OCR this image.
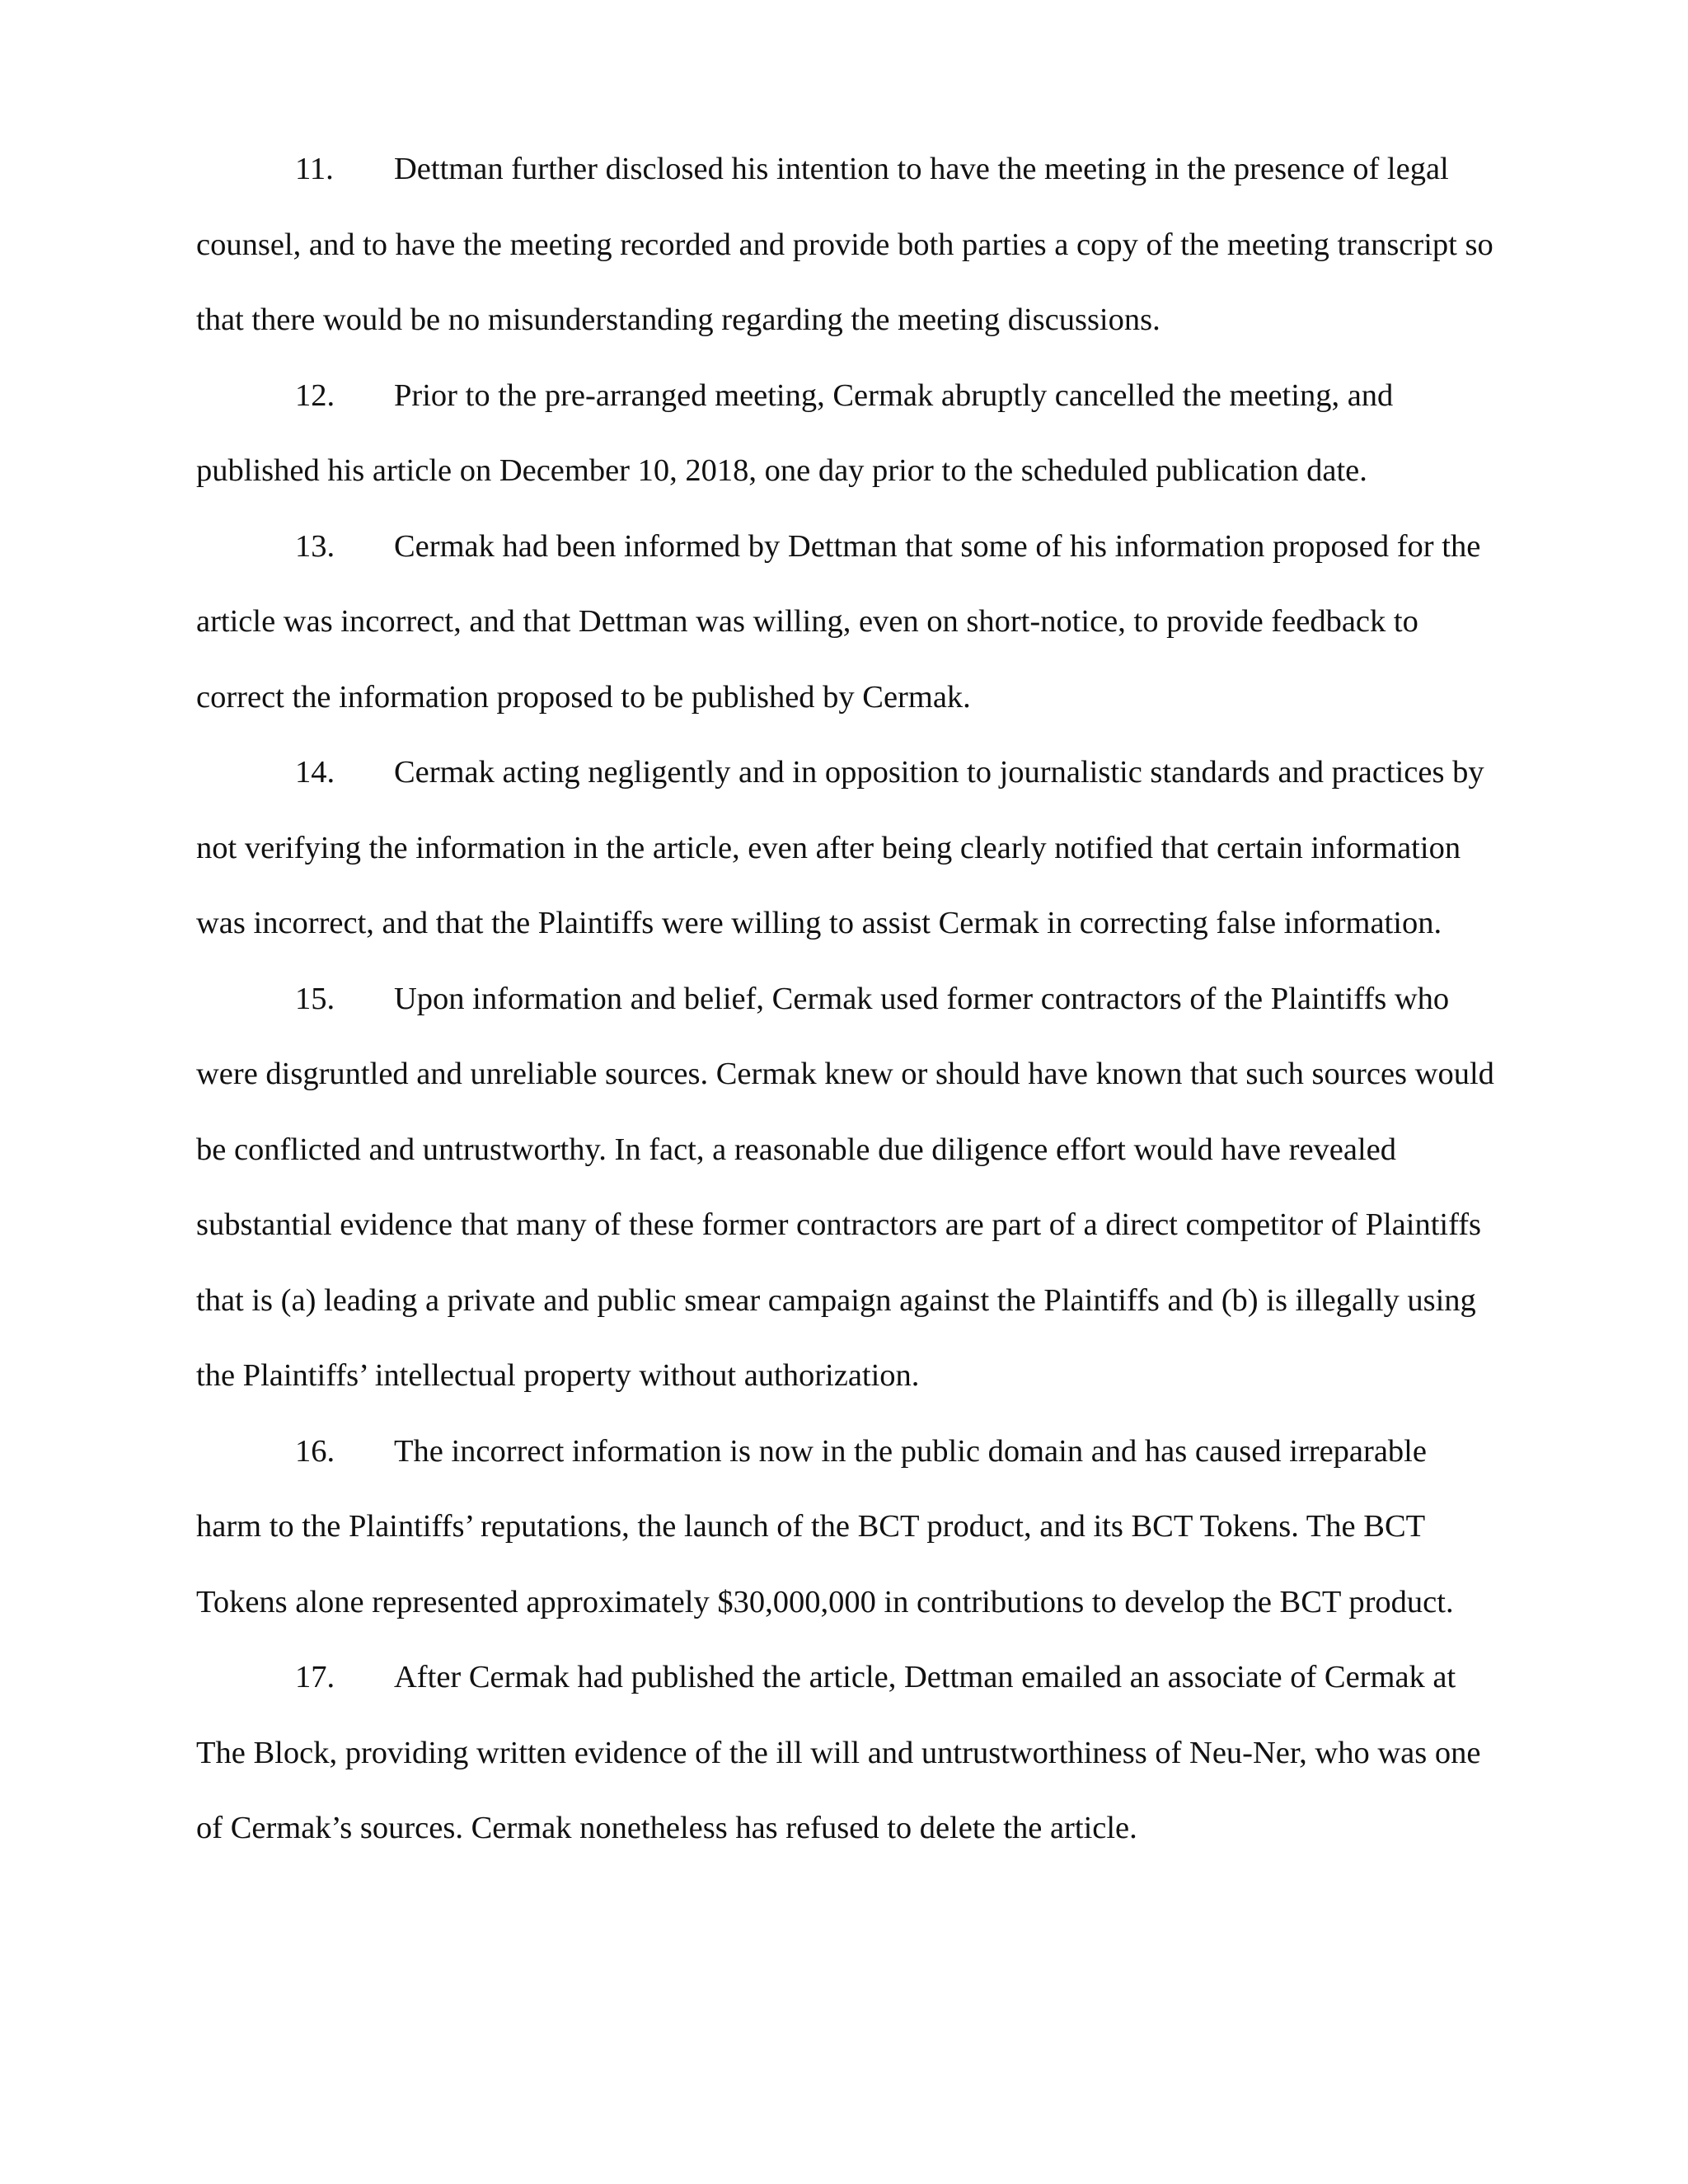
11. Dettman further disclosed his intention to have the meeting in the presence of legal counsel, and to have the meeting recorded and provide both parties a copy of the meeting transcript so that there would be no misunderstanding regarding the meeting discussions.

12. Prior to the pre-arranged meeting, Cermak abruptly cancelled the meeting, and published his article on December 10, 2018, one day prior to the scheduled publication date.

13. Cermak had been informed by Dettman that some of his information proposed for the article was incorrect, and that Dettman was willing, even on short-notice, to provide feedback to correct the information proposed to be published by Cermak.

14. Cermak acting negligently and in opposition to journalistic standards and practices by not verifying the information in the article, even after being clearly notified that certain information was incorrect, and that the Plaintiffs were willing to assist Cermak in correcting false information.

15. Upon information and belief, Cermak used former contractors of the Plaintiffs who were disgruntled and unreliable sources. Cermak knew or should have known that such sources would be conflicted and untrustworthy. In fact, a reasonable due diligence effort would have revealed substantial evidence that many of these former contractors are part of a direct competitor of Plaintiffs that is (a) leading a private and public smear campaign against the Plaintiffs and (b) is illegally using the Plaintiffs’ intellectual property without authorization.

16. The incorrect information is now in the public domain and has caused irreparable harm to the Plaintiffs’ reputations, the launch of the BCT product, and its BCT Tokens. The BCT Tokens alone represented approximately $30,000,000 in contributions to develop the BCT product.

17. After Cermak had published the article, Dettman emailed an associate of Cermak at The Block, providing written evidence of the ill will and untrustworthiness of Neu-Ner, who was one of Cermak’s sources. Cermak nonetheless has refused to delete the article.
